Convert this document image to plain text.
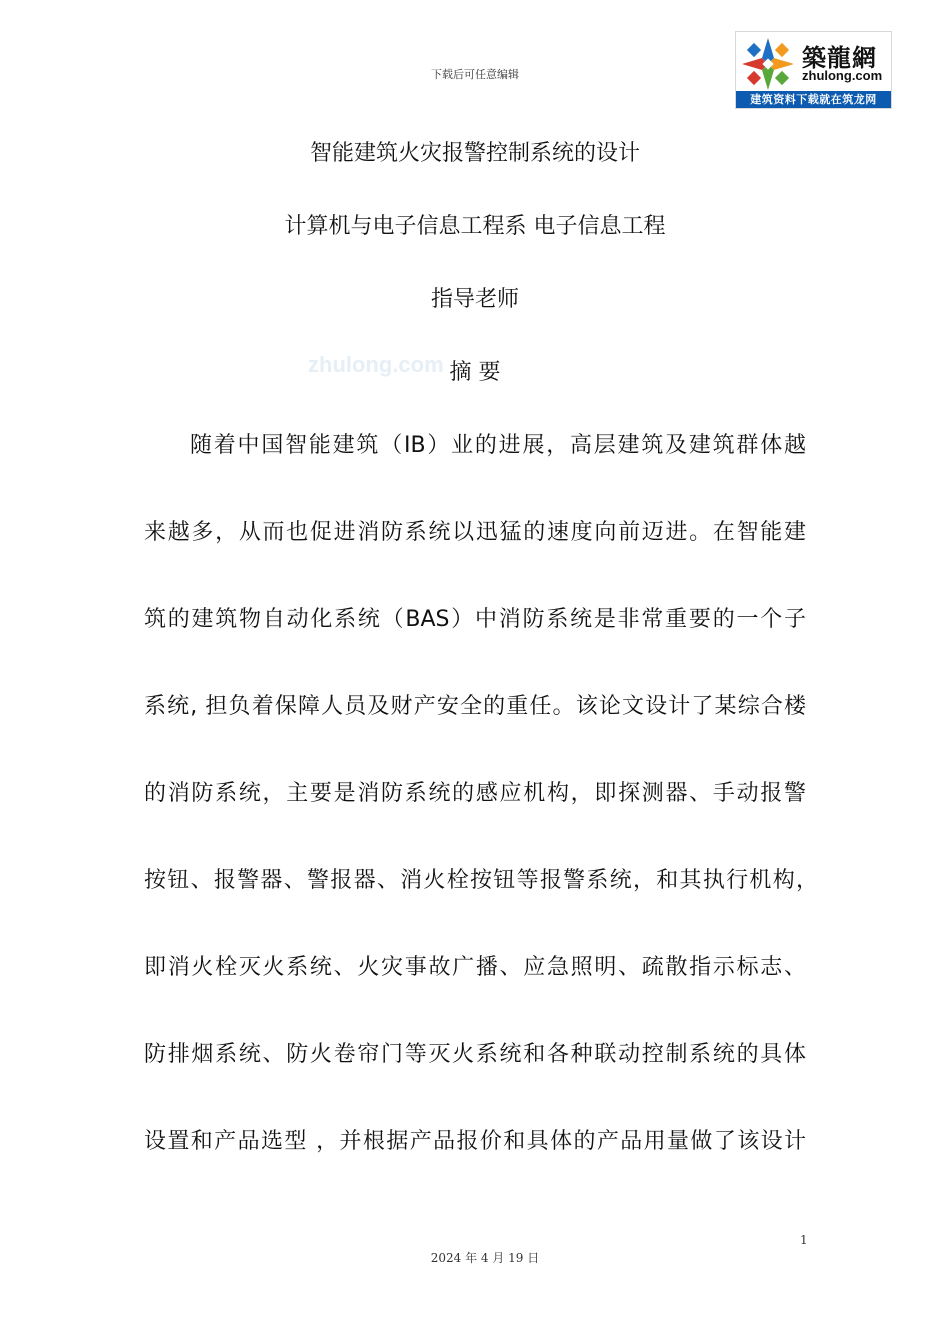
下载后可任意编辑
築龍網
zhulong.com
建筑资料下载就在筑龙网
智能建筑火灾报警控制系统的设计
计算机与电子信息工程系 电子信息工程
指导老师
zhulong.com 摘 要
随着中国智能建筑（IB）业的进展，高层建筑及建筑群体越
来越多，从而也促进消防系统以迅猛的速度向前迈进。在智能建
筑的建筑物自动化系统（BAS）中消防系统是非常重要的一个子
系统, 担负着保障人员及财产安全的重任。该论文设计了某综合楼
的消防系统，主要是消防系统的感应机构，即探测器、手动报警
按钮、报警器、警报器、消火栓按钮等报警系统，和其执行机构，
即消火栓灭火系统、火灾事故广播、应急照明、疏散指示标志、
防排烟系统、防火卷帘门等灭火系统和各种联动控制系统的具体
设置和产品选型 ，并根据产品报价和具体的产品用量做了该设计
1
2024 年 4 月 19 日
